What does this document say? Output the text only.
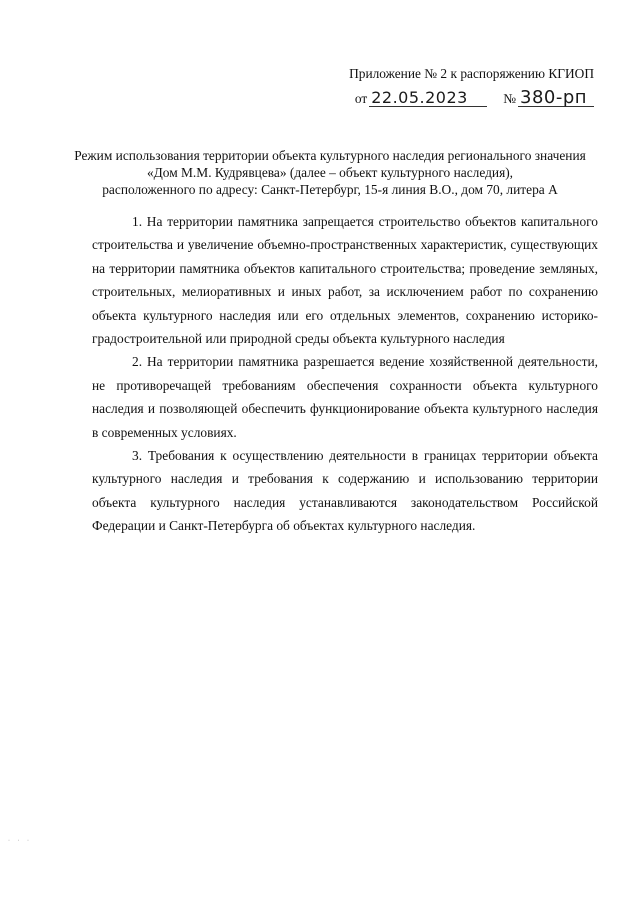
Приложение № 2 к распоряжению КГИОП
от 22.05.2023	№ 380-рп

Режим использования территории объекта культурного наследия регионального значения

«Дом М.М. Кудрявцева» (далее – объект культурного наследия),

расположенного по адресу: Санкт-Петербург, 15-я линия В.О., дом 70, литера А

1. На территории памятника запрещается строительство объектов капитального строительства и увеличение объемно-пространственных характеристик, существующих на территории памятника объектов капитального строительства; проведение земляных, строительных, мелиоративных и иных работ, за исключением работ по сохранению объекта культурного наследия или его отдельных элементов, сохранению историко-градостроительной или природной среды объекта культурного наследия

2. На территории памятника разрешается ведение хозяйственной деятельности, не противоречащей требованиям обеспечения сохранности объекта культурного наследия и позволяющей обеспечить функционирование объекта культурного наследия в современных условиях.

3. Требования к осуществлению деятельности в границах территории объекта культурного наследия и требования к содержанию и использованию территории объекта культурного наследия устанавливаются законодательством Российской Федерации и Санкт-Петербурга об объектах культурного наследия.

· · ·
